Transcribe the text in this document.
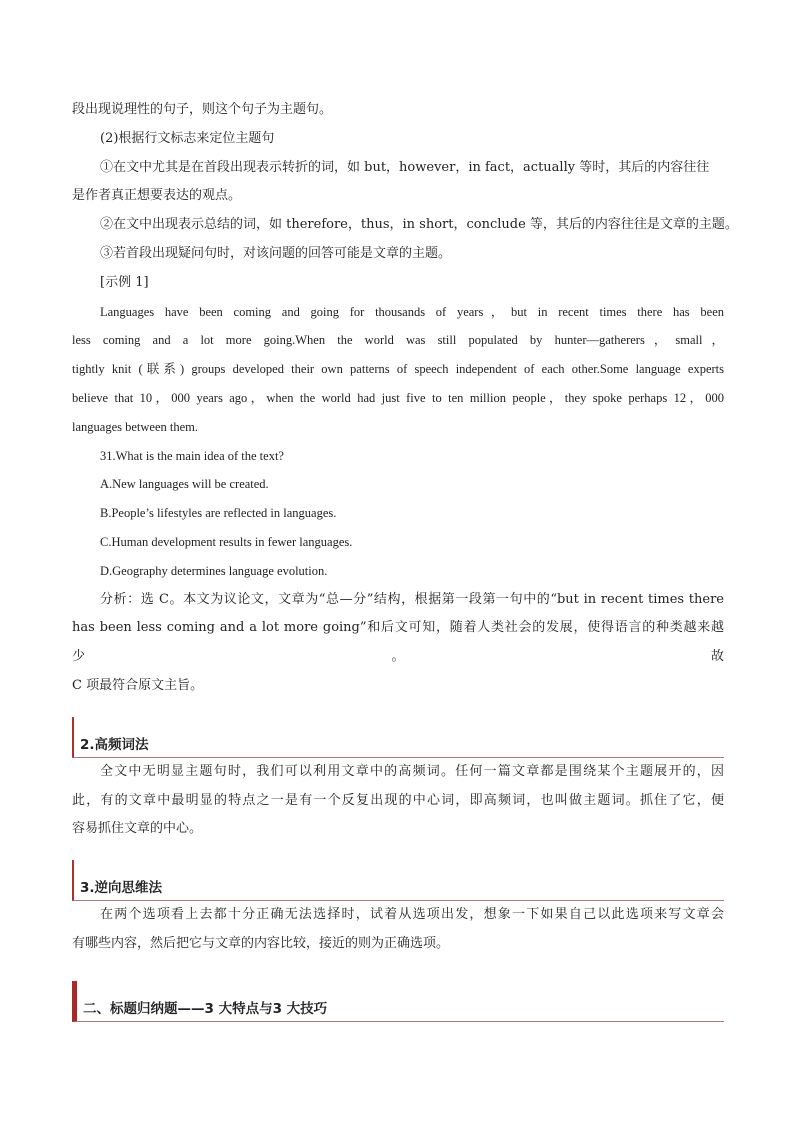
段出现说理性的句子，则这个句子为主题句。
(2)根据行文标志来定位主题句
①在文中尤其是在首段出现表示转折的词，如 but，however，in fact，actually 等时，其后的内容往往
是作者真正想要表达的观点。
②在文中出现表示总结的词，如 therefore，thus，in short，conclude 等，其后的内容往往是文章的主题。
③若首段出现疑问句时，对该问题的回答可能是文章的主题。
[示例 1]
Languages have been coming and going for thousands of years，but in recent times there has been
less coming and a lot more going.When the world was still populated by hunter—gatherers，small，
tightly knit (联系) groups developed their own patterns of speech independent of each other.Some language experts
believe that 10，000 years ago，when the world had just five to ten million people，they spoke perhaps 12，000
languages between them.
31.What is the main idea of the text?
A.New languages will be created.
B.People’s lifestyles are reflected in languages.
C.Human development results in fewer languages.
D.Geography determines language evolution.
分析：选 C。本文为议论文，文章为“总—分”结构，根据第一段第一句中的“but in recent times there
has been less coming and a lot more going”和后文可知，随着人类社会的发展，使得语言的种类越来越少。故
C 项最符合原文主旨。
2.高频词法
全文中无明显主题句时，我们可以利用文章中的高频词。任何一篇文章都是围绕某个主题展开的，因
此，有的文章中最明显的特点之一是有一个反复出现的中心词，即高频词，也叫做主题词。抓住了它，便
容易抓住文章的中心。
3.逆向思维法
在两个选项看上去都十分正确无法选择时，试着从选项出发，想象一下如果自己以此选项来写文章会
有哪些内容，然后把它与文章的内容比较，接近的则为正确选项。
二、标题归纳题——3 大特点与3 大技巧
